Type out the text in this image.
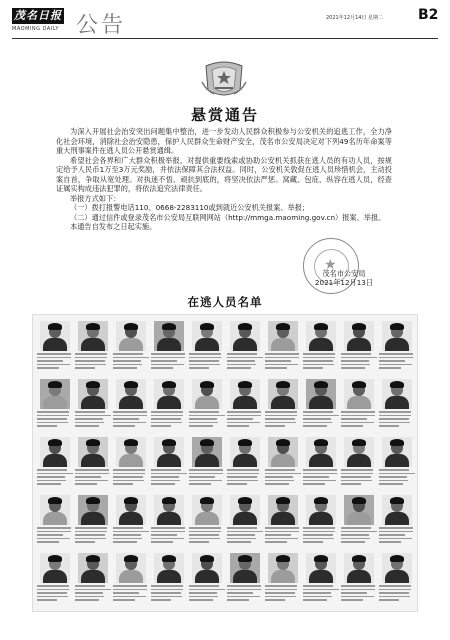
茂名日报
MAOMING DAILY 公告	2021年12月14日 星期二 B2
悬赏通告

为深入开展社会治安突出问题集中整治，进一步发动人民群众积极参与公安机关的追逃工作，全力净化社会环境，消除社会治安隐患，保护人民群众生命财产安全，茂名市公安局决定对下列49名历年命案等重大刑事案件在逃人员公开悬赏通缉。

希望社会各界和广大群众积极举报，对提供重要线索或协助公安机关抓获在逃人员的有功人员，按规定给予人民币1万至3万元奖励，并依法保障其合法权益。同时，公安机关敦促在逃人员珍惜机会，主动投案自首，争取从宽处理。对执迷不悟、顽抗到底的，将坚决依法严惩。窝藏、包庇、纵容在逃人员，经查证属实构成违法犯罪的，将依法追究法律责任。

举报方式如下：

（一）拨打报警电话110、0668-2283110或到就近公安机关报案、举报；

（二）通过信件或登录茂名市公安局互联网网站（http://mmga.maoming.gov.cn）报案、举报。

本通告自发布之日起实施。

★
茂名市公安局
2021年12月13日
在逃人员名单
